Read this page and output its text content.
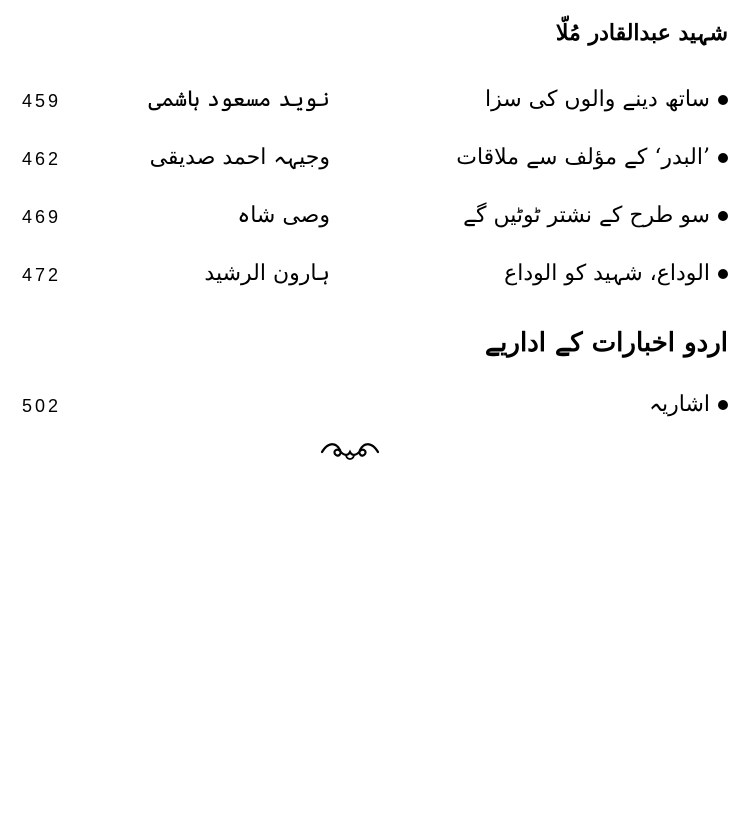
شہید عبدالقادر مُلّا
ساتھ دینے والوں کی سزا
نوید مسعود ہاشمی
459
’البدر‘ کے مؤلف سے ملاقات
وجیہہ احمد صدیقی
462
سو طرح کے نشتر ٹوٹیں گے
وصی شاہ
469
الوداع، شہید کو الوداع
ہارون الرشید
472
اردو اخبارات کے اداریے
اشاریہ
502
